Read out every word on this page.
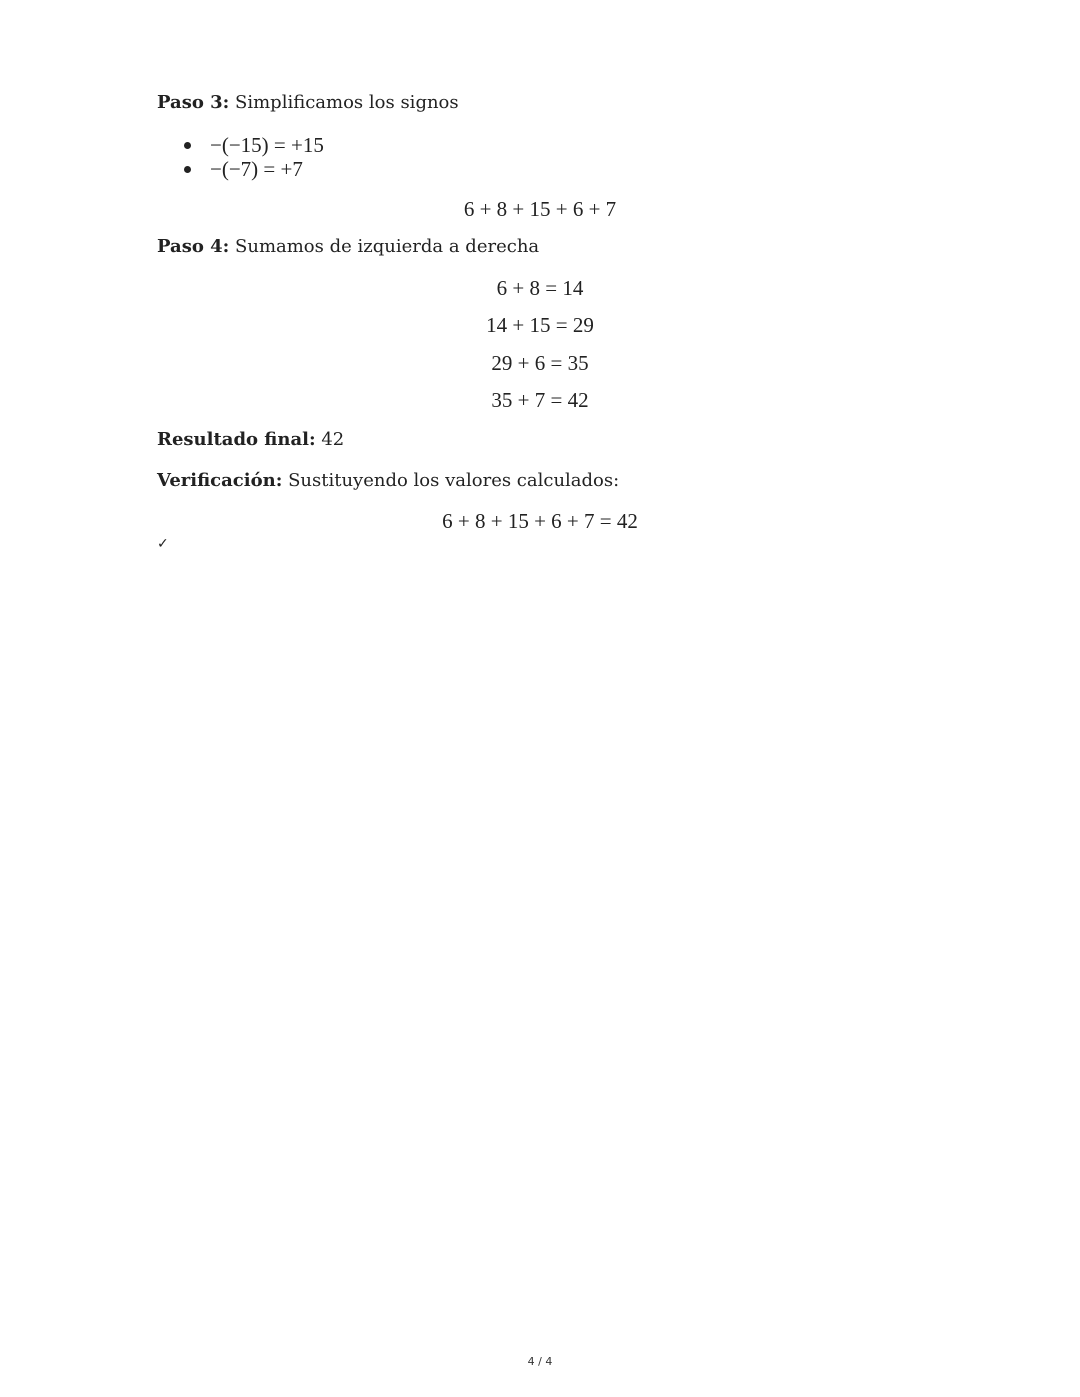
Paso 3: Simplificamos los signos
−(−15) = +15
−(−7) = +7
6 + 8 + 15 + 6 + 7
Paso 4: Sumamos de izquierda a derecha
6 + 8 = 14
14 + 15 = 29
29 + 6 = 35
35 + 7 = 42
Resultado final: 42
Verificación: Sustituyendo los valores calculados:
6 + 8 + 15 + 6 + 7 = 42
✓
4 / 4
